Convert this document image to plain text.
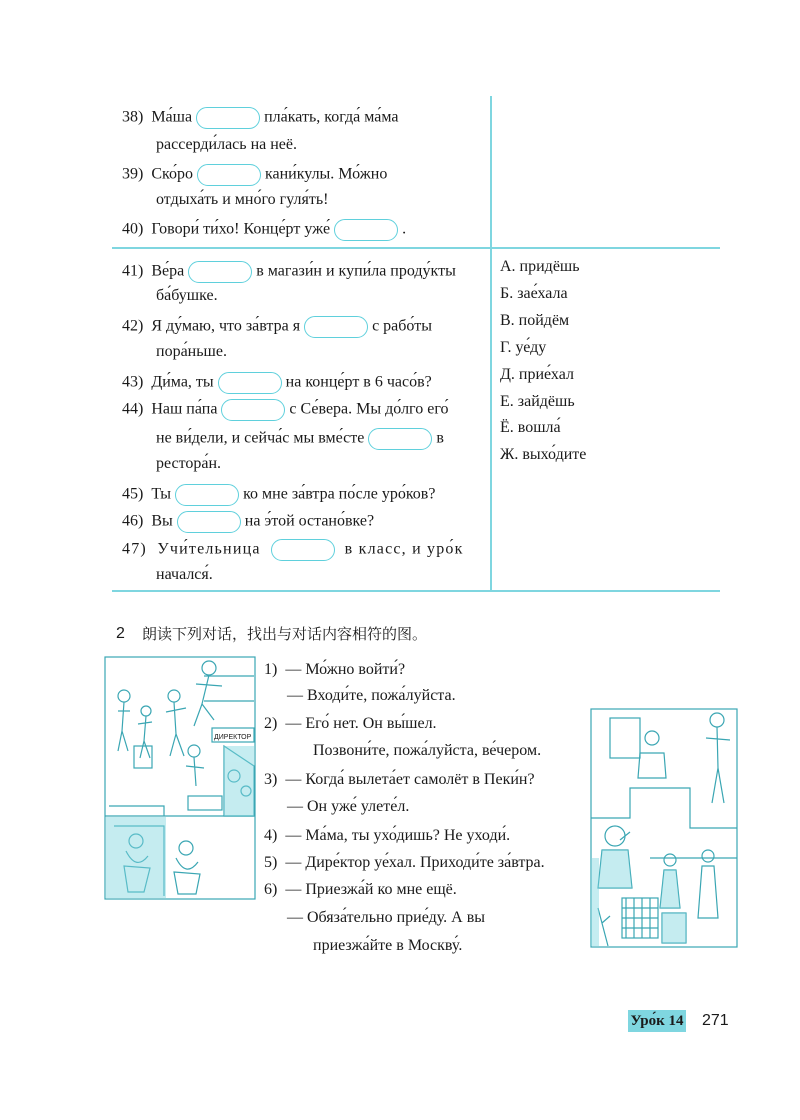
38) Ма́ша	пла́кать, когда́ ма́ма
рассерди́лась на неё.
39) Ско́ро	кани́кулы. Мо́жно
отдыха́ть и мно́го гуля́ть!
40) Говори́ ти́хо! Конце́рт уже́	.
41) Ве́ра	в магази́н и купи́ла проду́кты
ба́бушке.
42) Я ду́маю, что за́втра я	с рабо́ты
пора́ньше.
43) Ди́ма, ты	на конце́рт в 6 часо́в?
44) Наш па́па	с Се́вера. Мы до́лго его́
не ви́дели, и сейча́с мы вме́сте	в
рестора́н.
45) Ты	ко мне за́втра по́сле уро́ков?
46) Вы	на э́той остано́вке?
47) Учи́тельница	в класс, и уро́к
начался́.
А. придёшь
Б. зае́хала
В. пойдём
Г. уе́ду
Д. прие́хал
Е. зайдёшь
Ё. вошла́
Ж. выхо́дите
2 朗读下列对话，找出与对话内容相符的图。
ДИРЕКТОР
1) — Мо́жно войти́?
— Входи́те, пожа́луйста.
2) — Его́ нет. Он вы́шел.
Позвони́те, пожа́луйста, ве́чером.
3) — Когда́ вылета́ет самолёт в Пеки́н?
— Он уже́ улете́л.
4) — Ма́ма, ты ухо́дишь? Не уходи́.
5) — Дире́ктор уе́хал. Приходи́те за́втра.
6) — Приезжа́й ко мне ещё.
— Обяза́тельно прие́ду. А вы
приезжа́йте в Москву́.
Уро́к 14 271
